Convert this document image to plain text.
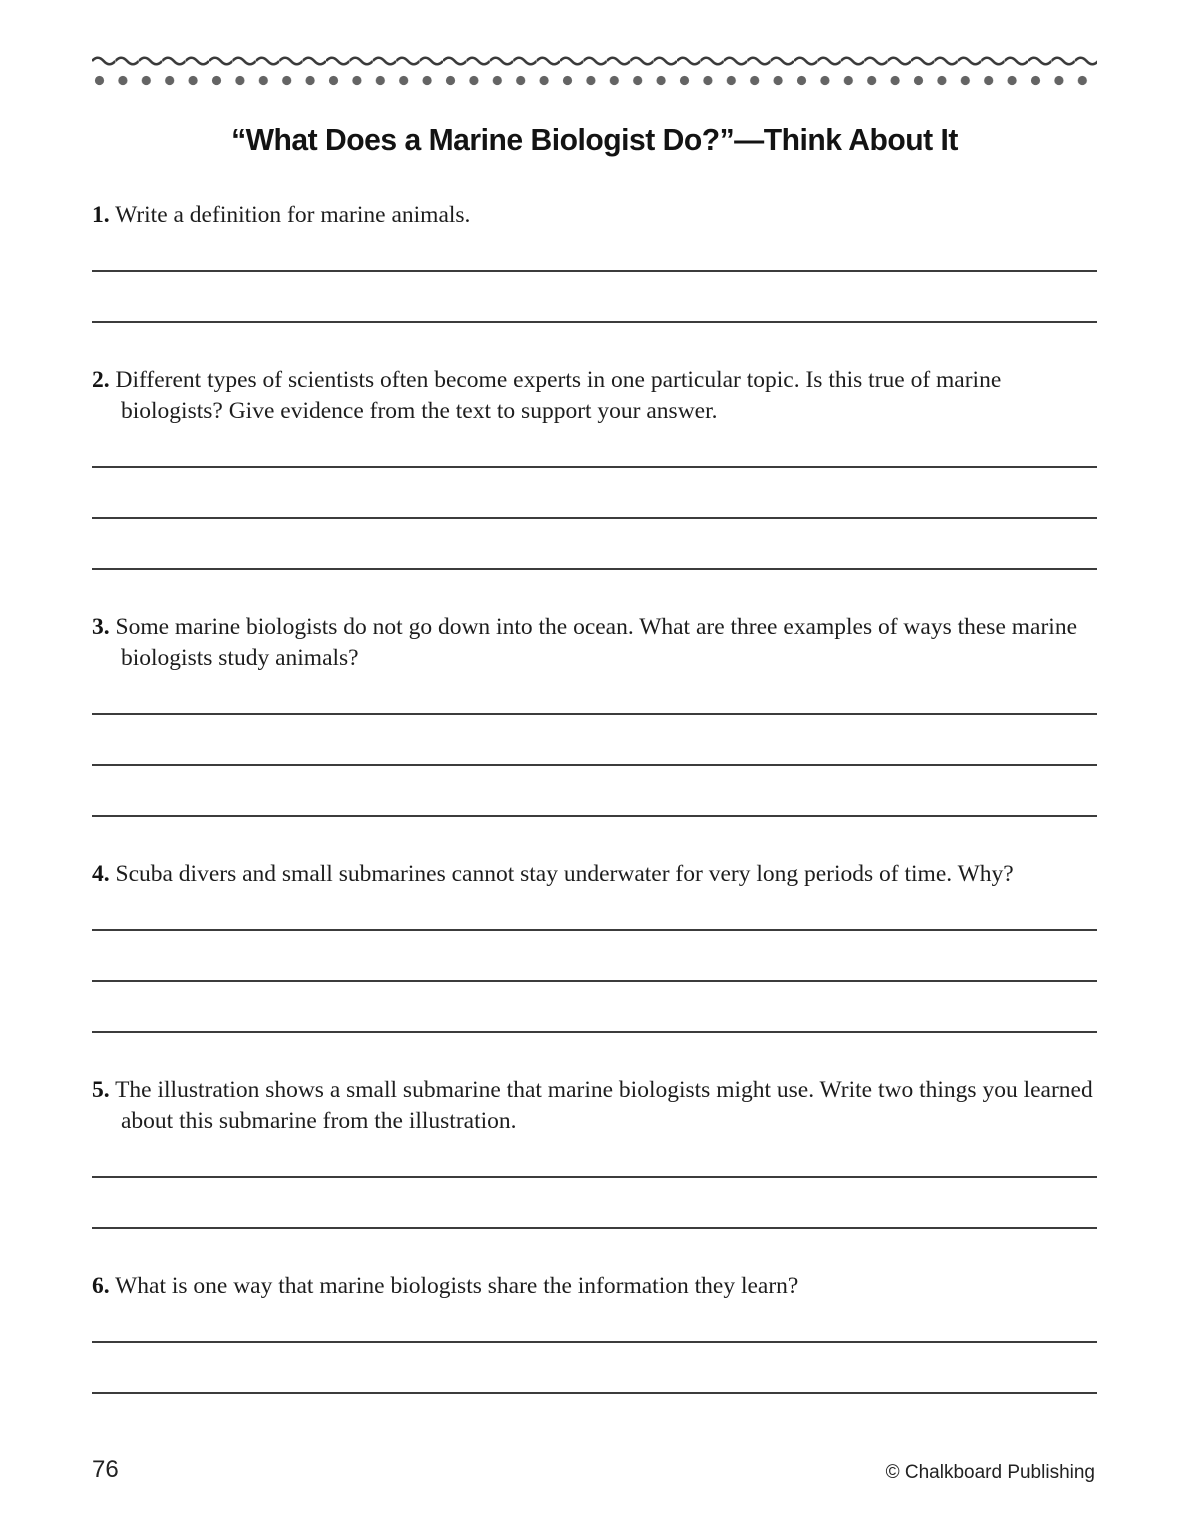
“What Does a Marine Biologist Do?”—Think About It

1. Write a definition for marine animals.

2. Different types of scientists often become experts in one particular topic. Is this true of marine biologists? Give evidence from the text to support your answer.

3. Some marine biologists do not go down into the ocean. What are three examples of ways these marine biologists study animals?

4. Scuba divers and small submarines cannot stay underwater for very long periods of time. Why?

5. The illustration shows a small submarine that marine biologists might use. Write two things you learned about this submarine from the illustration.

6. What is one way that marine biologists share the information they learn?

76	© Chalkboard Publishing
